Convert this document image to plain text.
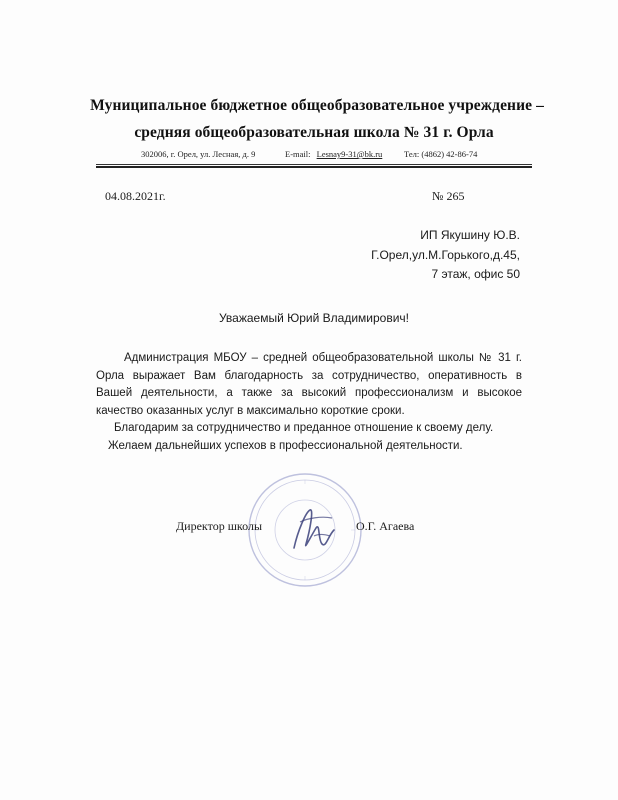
Муниципальное бюджетное общеобразовательное учреждение –
средняя общеобразовательная школа № 31 г. Орла
302006, г. Орел, ул. Лесная, д. 9	E-mail: Lesnay9-31@bk.ru	Тел: (4862) 42-86-74
04.08.2021г.	№ 265
ИП Якушину Ю.В.
Г.Орел,ул.М.Горького,д.45,
7 этаж, офис 50
Уважаемый Юрий Владимирович!

Администрация МБОУ – средней общеобразовательной школы № 31 г. Орла выражает Вам благодарность за сотрудничество, оперативность в Вашей деятельности, а также за высокий профессионализм и высокое качество оказанных услуг в максимально короткие сроки.

Благодарим за сотрудничество и преданное отношение к своему делу.

Желаем дальнейших успехов в профессиональной деятельности.

Директор школы	О.Г. Агаева
